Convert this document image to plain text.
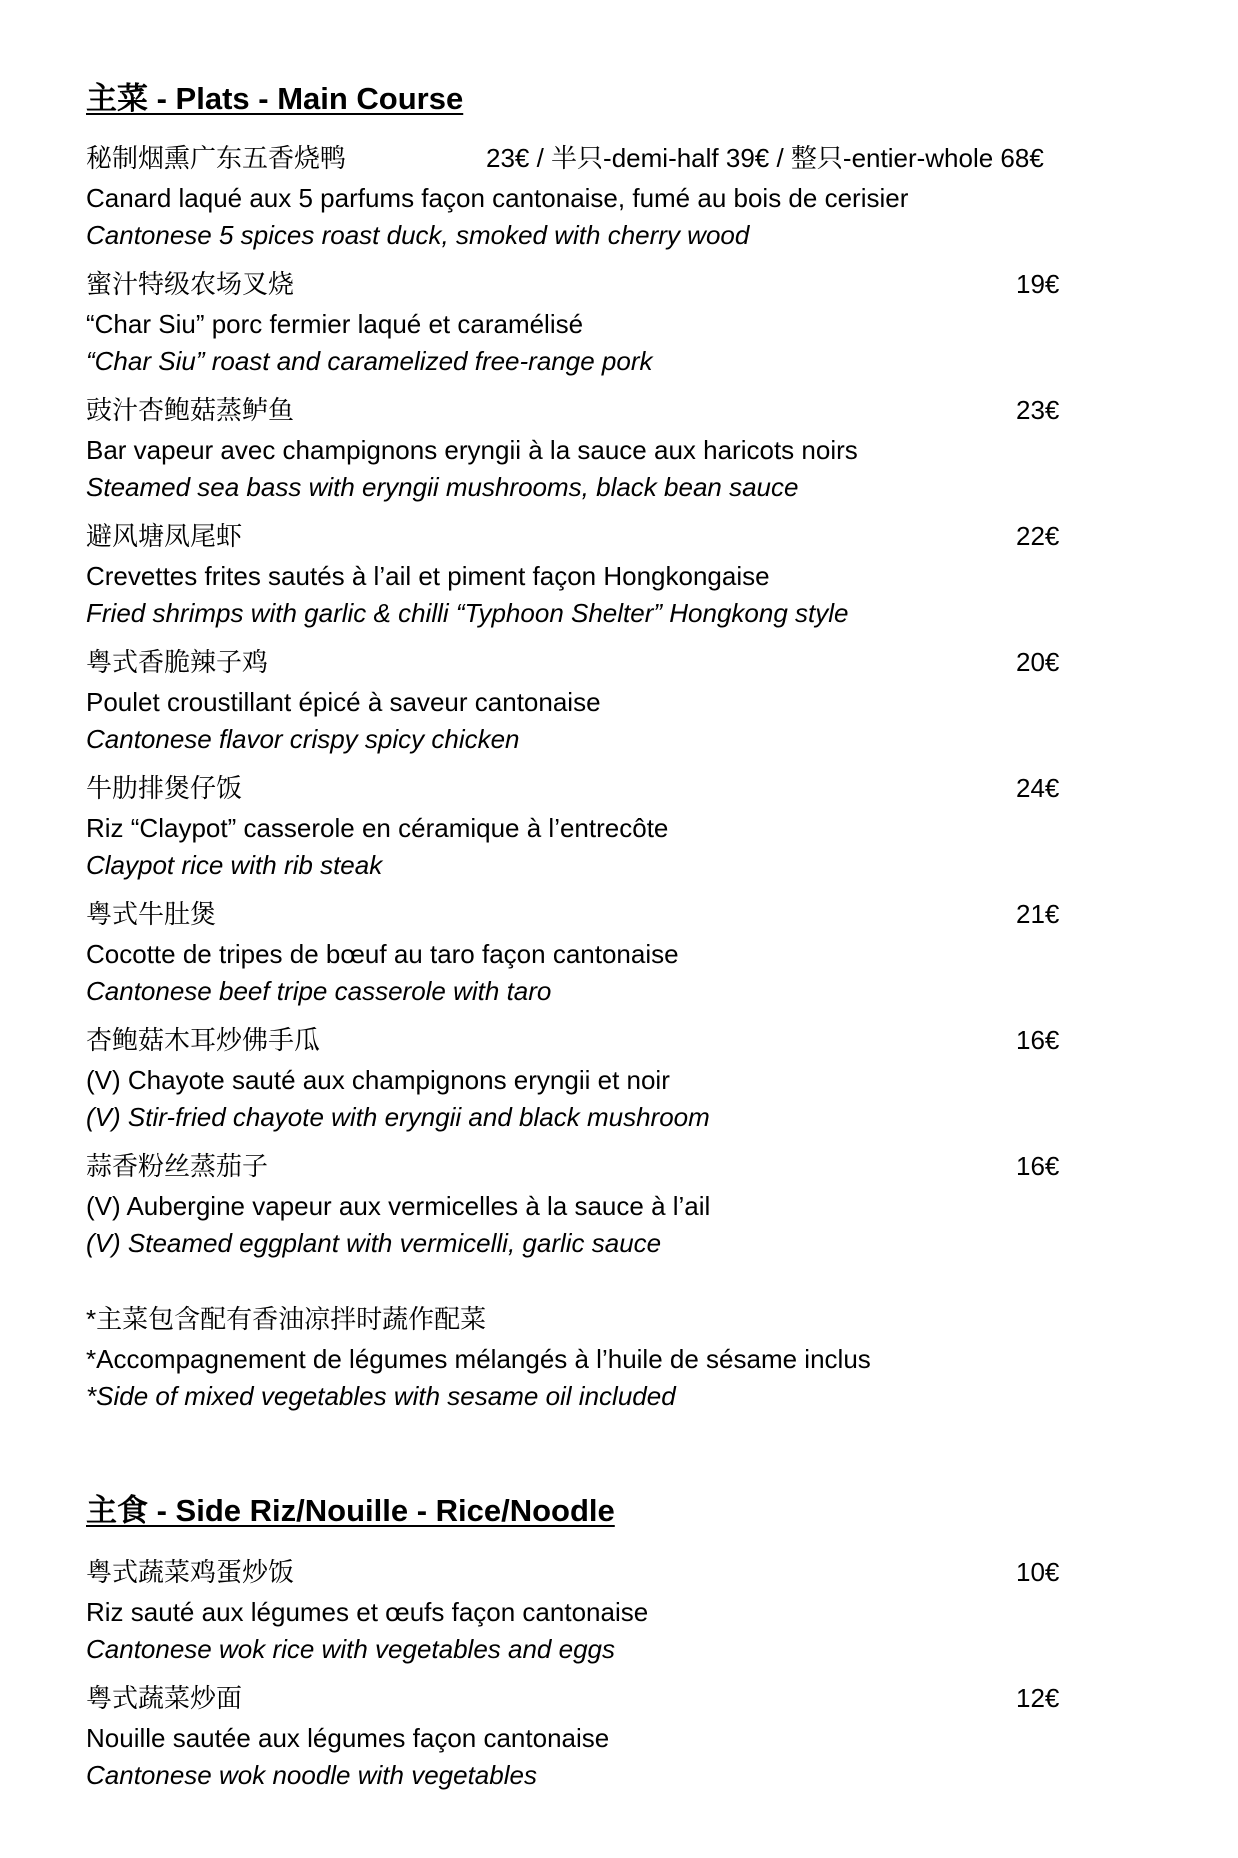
主菜 - Plats - Main Course
秘制烟熏广东五香烧鸭	23€ / 半只-demi-half 39€ / 整只-entier-whole 68€
Canard laqué aux 5 parfums façon cantonaise, fumé au bois de cerisier
Cantonese 5 spices roast duck, smoked with cherry wood
蜜汁特级农场叉烧	19€
“Char Siu” porc fermier laqué et caramélisé
“Char Siu” roast and caramelized free-range pork
豉汁杏鲍菇蒸鲈鱼	23€
Bar vapeur avec champignons eryngii à la sauce aux haricots noirs
Steamed sea bass with eryngii mushrooms, black bean sauce
避风塘凤尾虾	22€
Crevettes frites sautés à l’ail et piment façon Hongkongaise
Fried shrimps with garlic & chilli “Typhoon Shelter” Hongkong style
粤式香脆辣子鸡	20€
Poulet croustillant épicé à saveur cantonaise
Cantonese flavor crispy spicy chicken
牛肋排煲仔饭	24€
Riz “Claypot” casserole en céramique à l’entrecôte
Claypot rice with rib steak
粤式牛肚煲	21€
Cocotte de tripes de bœuf au taro façon cantonaise
Cantonese beef tripe casserole with taro
杏鲍菇木耳炒佛手瓜	16€
(V) Chayote sauté aux champignons eryngii et noir
(V) Stir-fried chayote with eryngii and black mushroom
蒜香粉丝蒸茄子	16€
(V) Aubergine vapeur aux vermicelles à la sauce à l’ail
(V) Steamed eggplant with vermicelli, garlic sauce
*主菜包含配有香油凉拌时蔬作配菜
*Accompagnement de légumes mélangés à l’huile de sésame inclus
*Side of mixed vegetables with sesame oil included
主食 - Side Riz/Nouille - Rice/Noodle
粤式蔬菜鸡蛋炒饭	10€
Riz sauté aux légumes et œufs façon cantonaise
Cantonese wok rice with vegetables and eggs
粤式蔬菜炒面	12€
Nouille sautée aux légumes façon cantonaise
Cantonese wok noodle with vegetables
